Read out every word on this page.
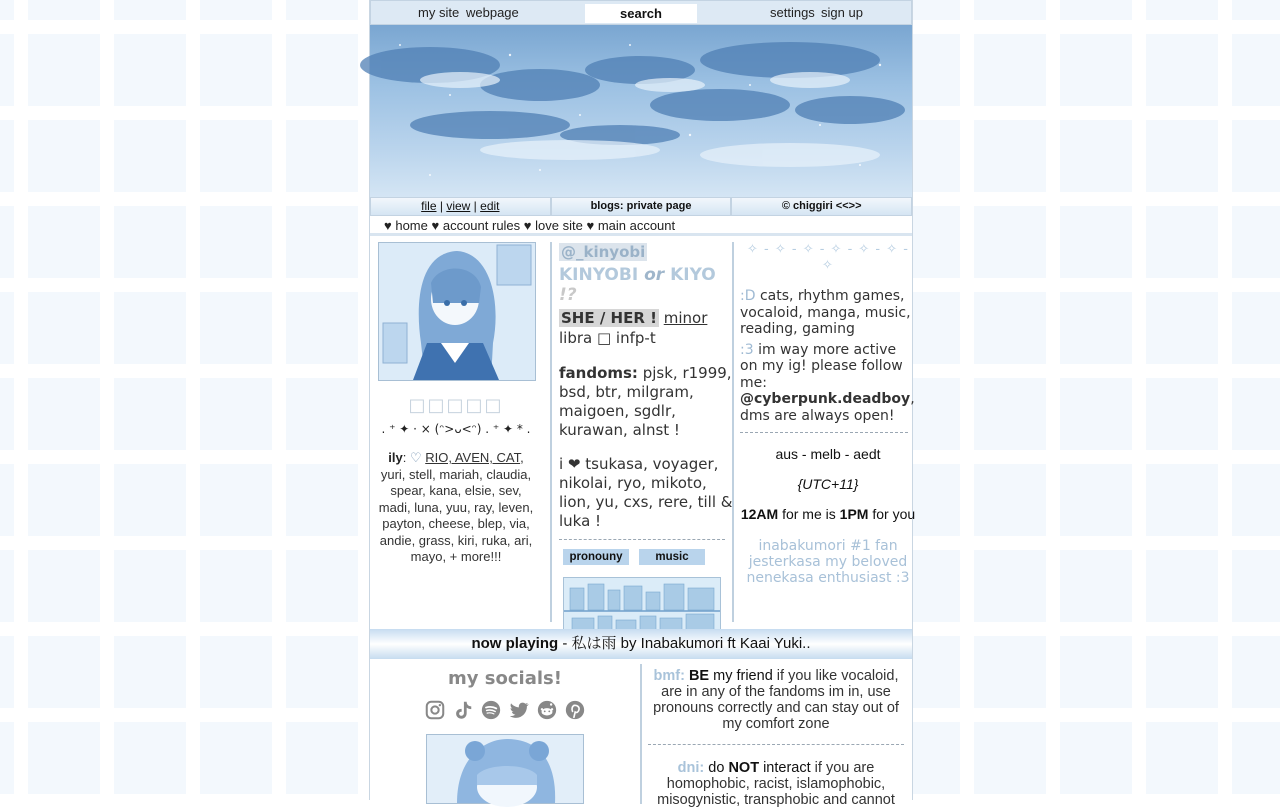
my site webpage	search	settings sign up
file | view | edit	blogs: private page	© chiggiri <<>>
♥ home ♥ account rules ♥ love site ♥ main account
□□□□□
. ⁺ ✦ · × (ᵔ>ᴗ<ᵔ) . ⁺ ✦ * .
ily: ♡ RIO, AVEN, CAT, yuri, stell, mariah, claudia, spear, kana, elsie, sev, madi, luna, yuu, ray, leven, payton, cheese, blep, via, andie, grass, kiri, ruka, ari, mayo, + more!!!
@_kinyobi
KINYOBI or KIYO !?
SHE / HER ! minor
libra □ infp-t
fandoms: pjsk, r1999, bsd, btr, milgram, maigoen, sgdlr, kurawan, alnst !
i ❤ tsukasa, voyager, nikolai, ryo, mikoto, lion, yu, cxs, rere, till & luka !
pronouny	music
✧ - ✧ - ✧ - ✧ - ✧ - ✧ - ✧
:D cats, rhythm games, vocaloid, manga, music, reading, gaming
:3 im way more active on my ig! please follow me: @cyberpunk.deadboy, dms are always open!
aus - melb - aedt
{UTC+11}
12AM for me is 1PM for you
inabakumori #1 fan
jesterkasa my beloved
nenekasa enthusiast :3
now playing - 私は雨 by Inabakumori ft Kaai Yuki..
my socials!	bmf: BE my friend if you like vocaloid, are in any of the fandoms im in, use pronouns correctly and can stay out of my comfort zone
dni: do NOT interact if you are homophobic, racist, islamophobic, misogynistic, transphobic and cannot
